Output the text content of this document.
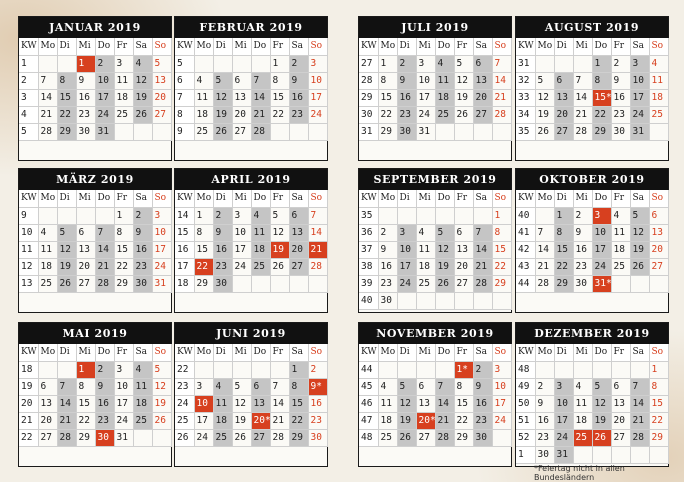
JANUAR 2019
KW	Mo	Di	Mi	Do	Fr	Sa	So
1			1	2	3	4	5
2	7	8	9	10	11	12	13
3	14	15	16	17	18	19	20
4	21	22	23	24	25	26	27
5	28	29	30	31			
FEBRUAR 2019
KW	Mo	Di	Mi	Do	Fr	Sa	So
5					1	2	3
6	4	5	6	7	8	9	10
7	11	12	13	14	15	16	17
8	18	19	20	21	22	23	24
9	25	26	27	28			
JULI 2019
KW	Mo	Di	Mi	Do	Fr	Sa	So
27	1	2	3	4	5	6	7
28	8	9	10	11	12	13	14
29	15	16	17	18	19	20	21
30	22	23	24	25	26	27	28
31	29	30	31				
AUGUST 2019
KW	Mo	Di	Mi	Do	Fr	Sa	So
31				1	2	3	4
32	5	6	7	8	9	10	11
33	12	13	14	15*	16	17	18
34	19	20	21	22	23	24	25
35	26	27	28	29	30	31	
MÄRZ 2019
KW	Mo	Di	Mi	Do	Fr	Sa	So
9					1	2	3
10	4	5	6	7	8	9	10
11	11	12	13	14	15	16	17
12	18	19	20	21	22	23	24
13	25	26	27	28	29	30	31
APRIL 2019
KW	Mo	Di	Mi	Do	Fr	Sa	So
14	1	2	3	4	5	6	7
15	8	9	10	11	12	13	14
16	15	16	17	18	19	20	21
17	22	23	24	25	26	27	28
18	29	30					
SEPTEMBER 2019
KW	Mo	Di	Mi	Do	Fr	Sa	So
35							1
36	2	3	4	5	6	7	8
37	9	10	11	12	13	14	15
38	16	17	18	19	20	21	22
39	23	24	25	26	27	28	29
40	30						
OKTOBER 2019
KW	Mo	Di	Mi	Do	Fr	Sa	So
40		1	2	3	4	5	6
41	7	8	9	10	11	12	13
42	14	15	16	17	18	19	20
43	21	22	23	24	25	26	27
44	28	29	30	31*			
MAI 2019
KW	Mo	Di	Mi	Do	Fr	Sa	So
18			1	2	3	4	5
19	6	7	8	9	10	11	12
20	13	14	15	16	17	18	19
21	20	21	22	23	24	25	26
22	27	28	29	30	31		
JUNI 2019
KW	Mo	Di	Mi	Do	Fr	Sa	So
22						1	2
23	3	4	5	6	7	8	9*
24	10	11	12	13	14	15	16
25	17	18	19	20*	21	22	23
26	24	25	26	27	28	29	30
NOVEMBER 2019
KW	Mo	Di	Mi	Do	Fr	Sa	So
44					1*	2	3
45	4	5	6	7	8	9	10
46	11	12	13	14	15	16	17
47	18	19	20*	21	22	23	24
48	25	26	27	28	29	30	
DEZEMBER 2019
KW	Mo	Di	Mi	Do	Fr	Sa	So
48							1
49	2	3	4	5	6	7	8
50	9	10	11	12	13	14	15
51	16	17	18	19	20	21	22
52	23	24	25	26	27	28	29
1	30	31					
*Feiertag nicht in allen Bundesländern
